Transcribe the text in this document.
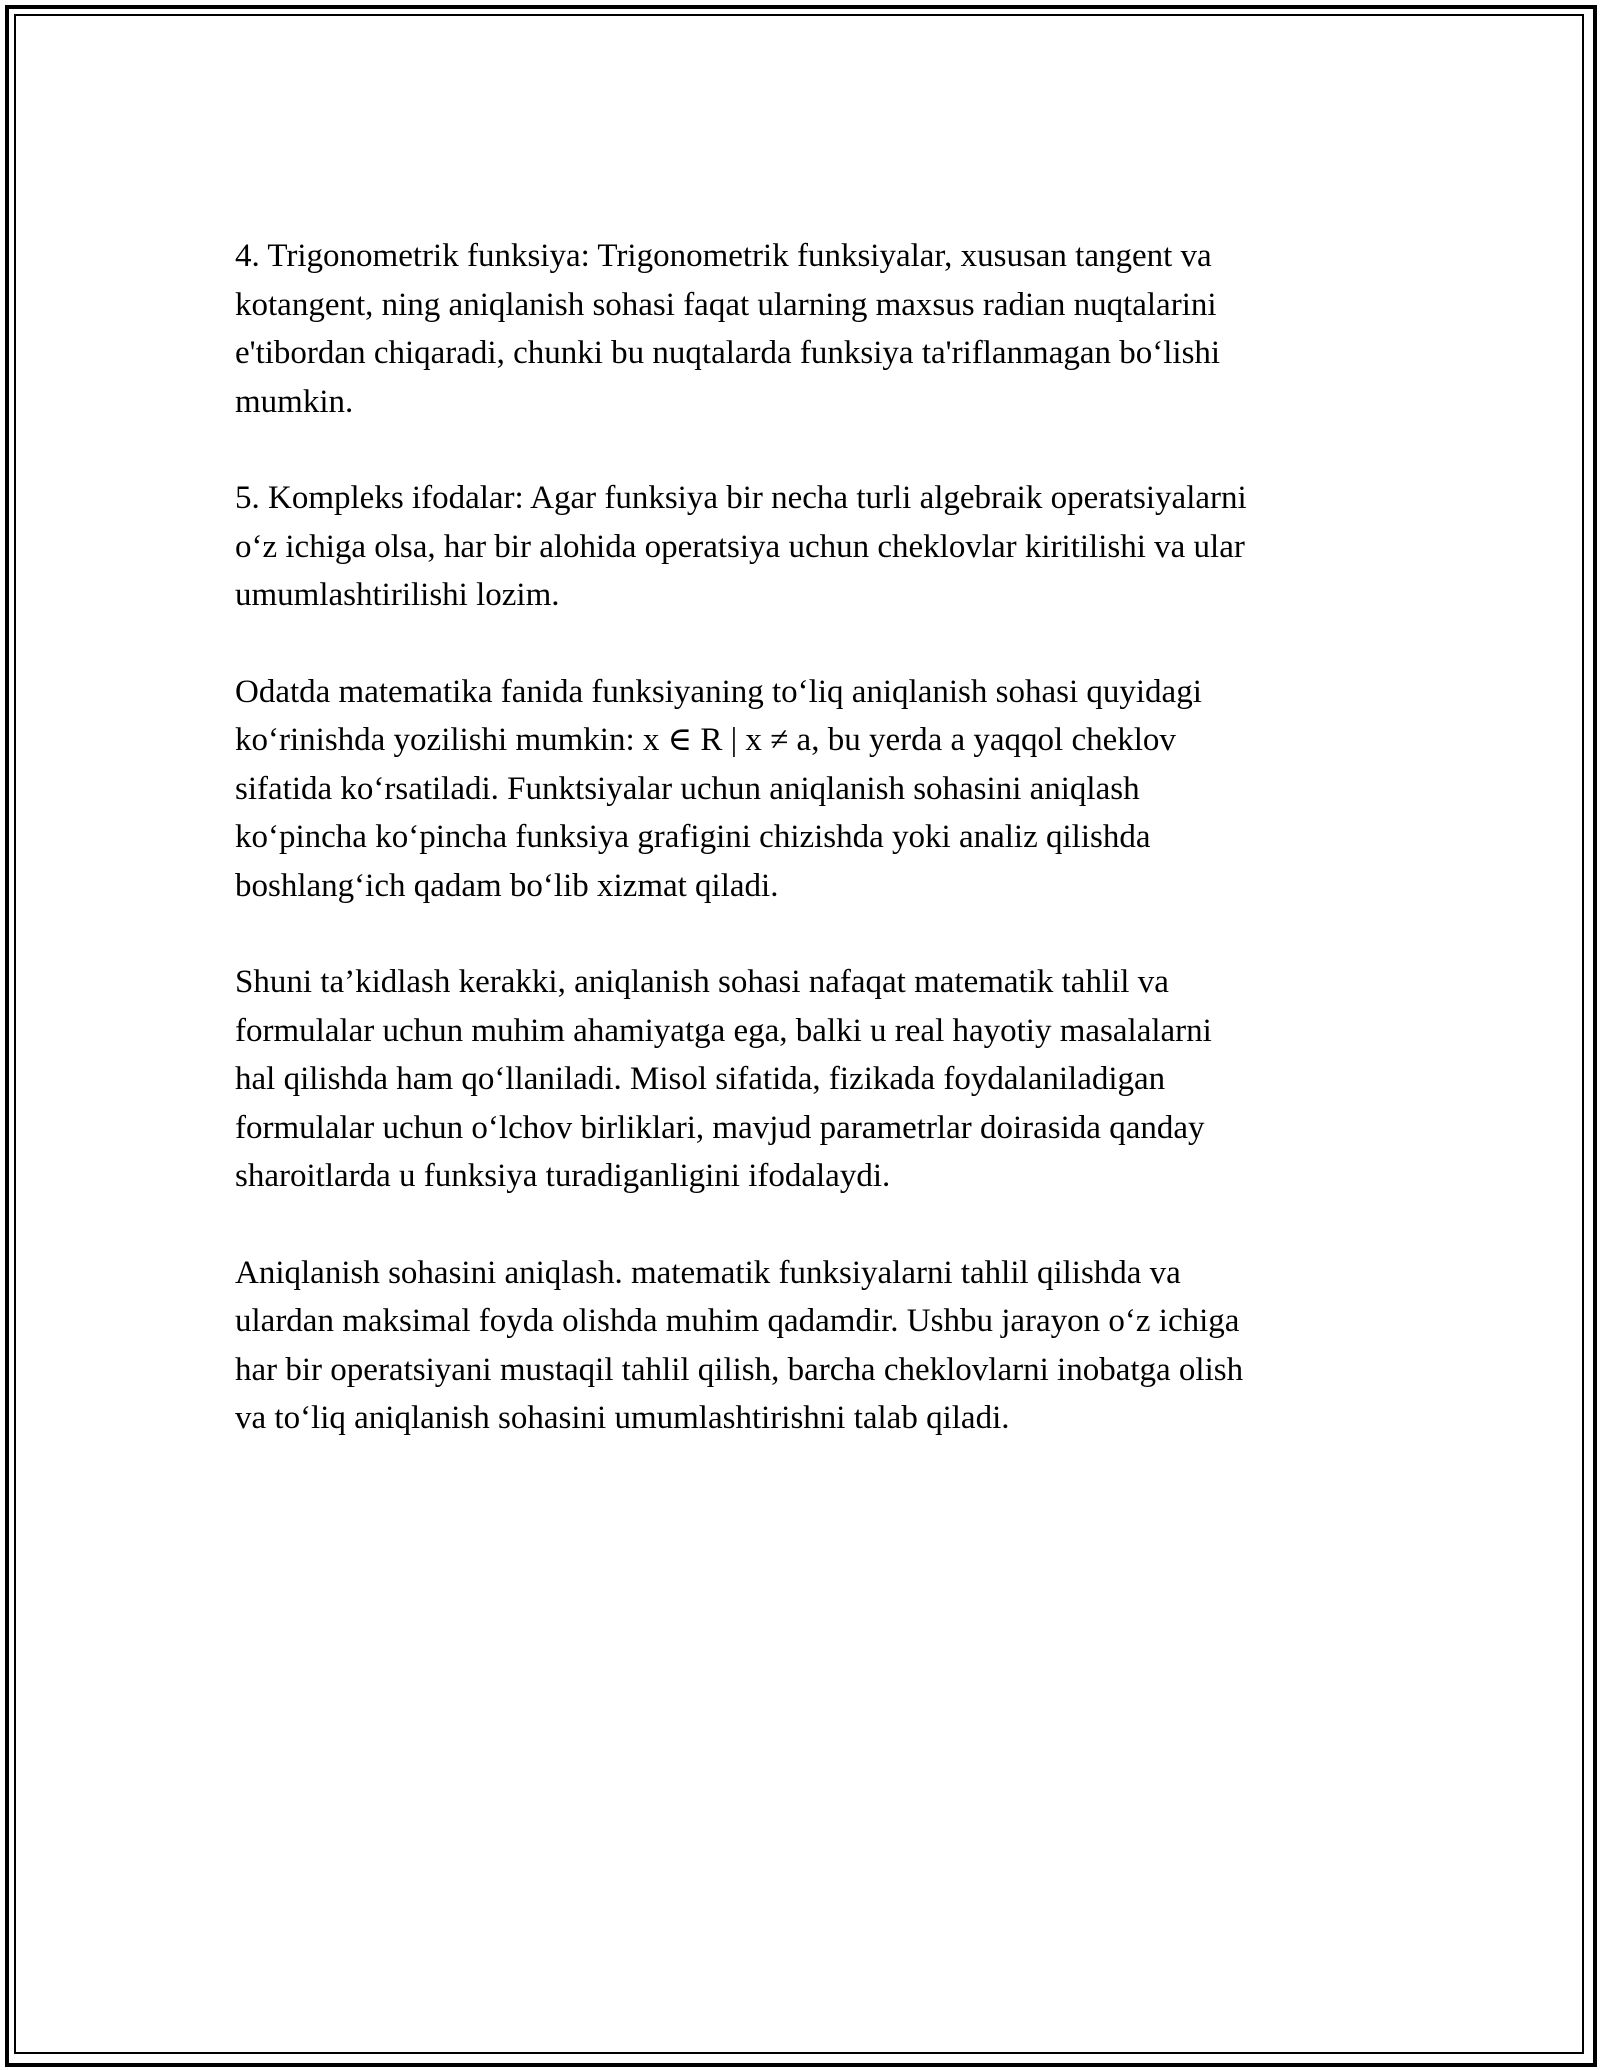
4. Trigonometrik funksiya: Trigonometrik funksiyalar, xususan tangent va
kotangent, ning aniqlanish sohasi faqat ularning maxsus radian nuqtalarini
e'tibordan chiqaradi, chunki bu nuqtalarda funksiya ta'riflanmagan boʻlishi
mumkin.

5. Kompleks ifodalar: Agar funksiya bir necha turli algebraik operatsiyalarni
oʻz ichiga olsa, har bir alohida operatsiya uchun cheklovlar kiritilishi va ular
umumlashtirilishi lozim.

Odatda matematika fanida funksiyaning toʻliq aniqlanish sohasi quyidagi
koʻrinishda yozilishi mumkin: x ∈ R | x ≠ a, bu yerda a yaqqol cheklov
sifatida koʻrsatiladi. Funktsiyalar uchun aniqlanish sohasini aniqlash
koʻpincha koʻpincha funksiya grafigini chizishda yoki analiz qilishda
boshlangʻich qadam boʻlib xizmat qiladi.

Shuni ta’kidlash kerakki, aniqlanish sohasi nafaqat matematik tahlil va
formulalar uchun muhim ahamiyatga ega, balki u real hayotiy masalalarni
hal qilishda ham qoʻllaniladi. Misol sifatida, fizikada foydalaniladigan
formulalar uchun oʻlchov birliklari, mavjud parametrlar doirasida qanday
sharoitlarda u funksiya turadiganligini ifodalaydi.

Aniqlanish sohasini aniqlash. matematik funksiyalarni tahlil qilishda va
ulardan maksimal foyda olishda muhim qadamdir. Ushbu jarayon oʻz ichiga
har bir operatsiyani mustaqil tahlil qilish, barcha cheklovlarni inobatga olish
va toʻliq aniqlanish sohasini umumlashtirishni talab qiladi.
